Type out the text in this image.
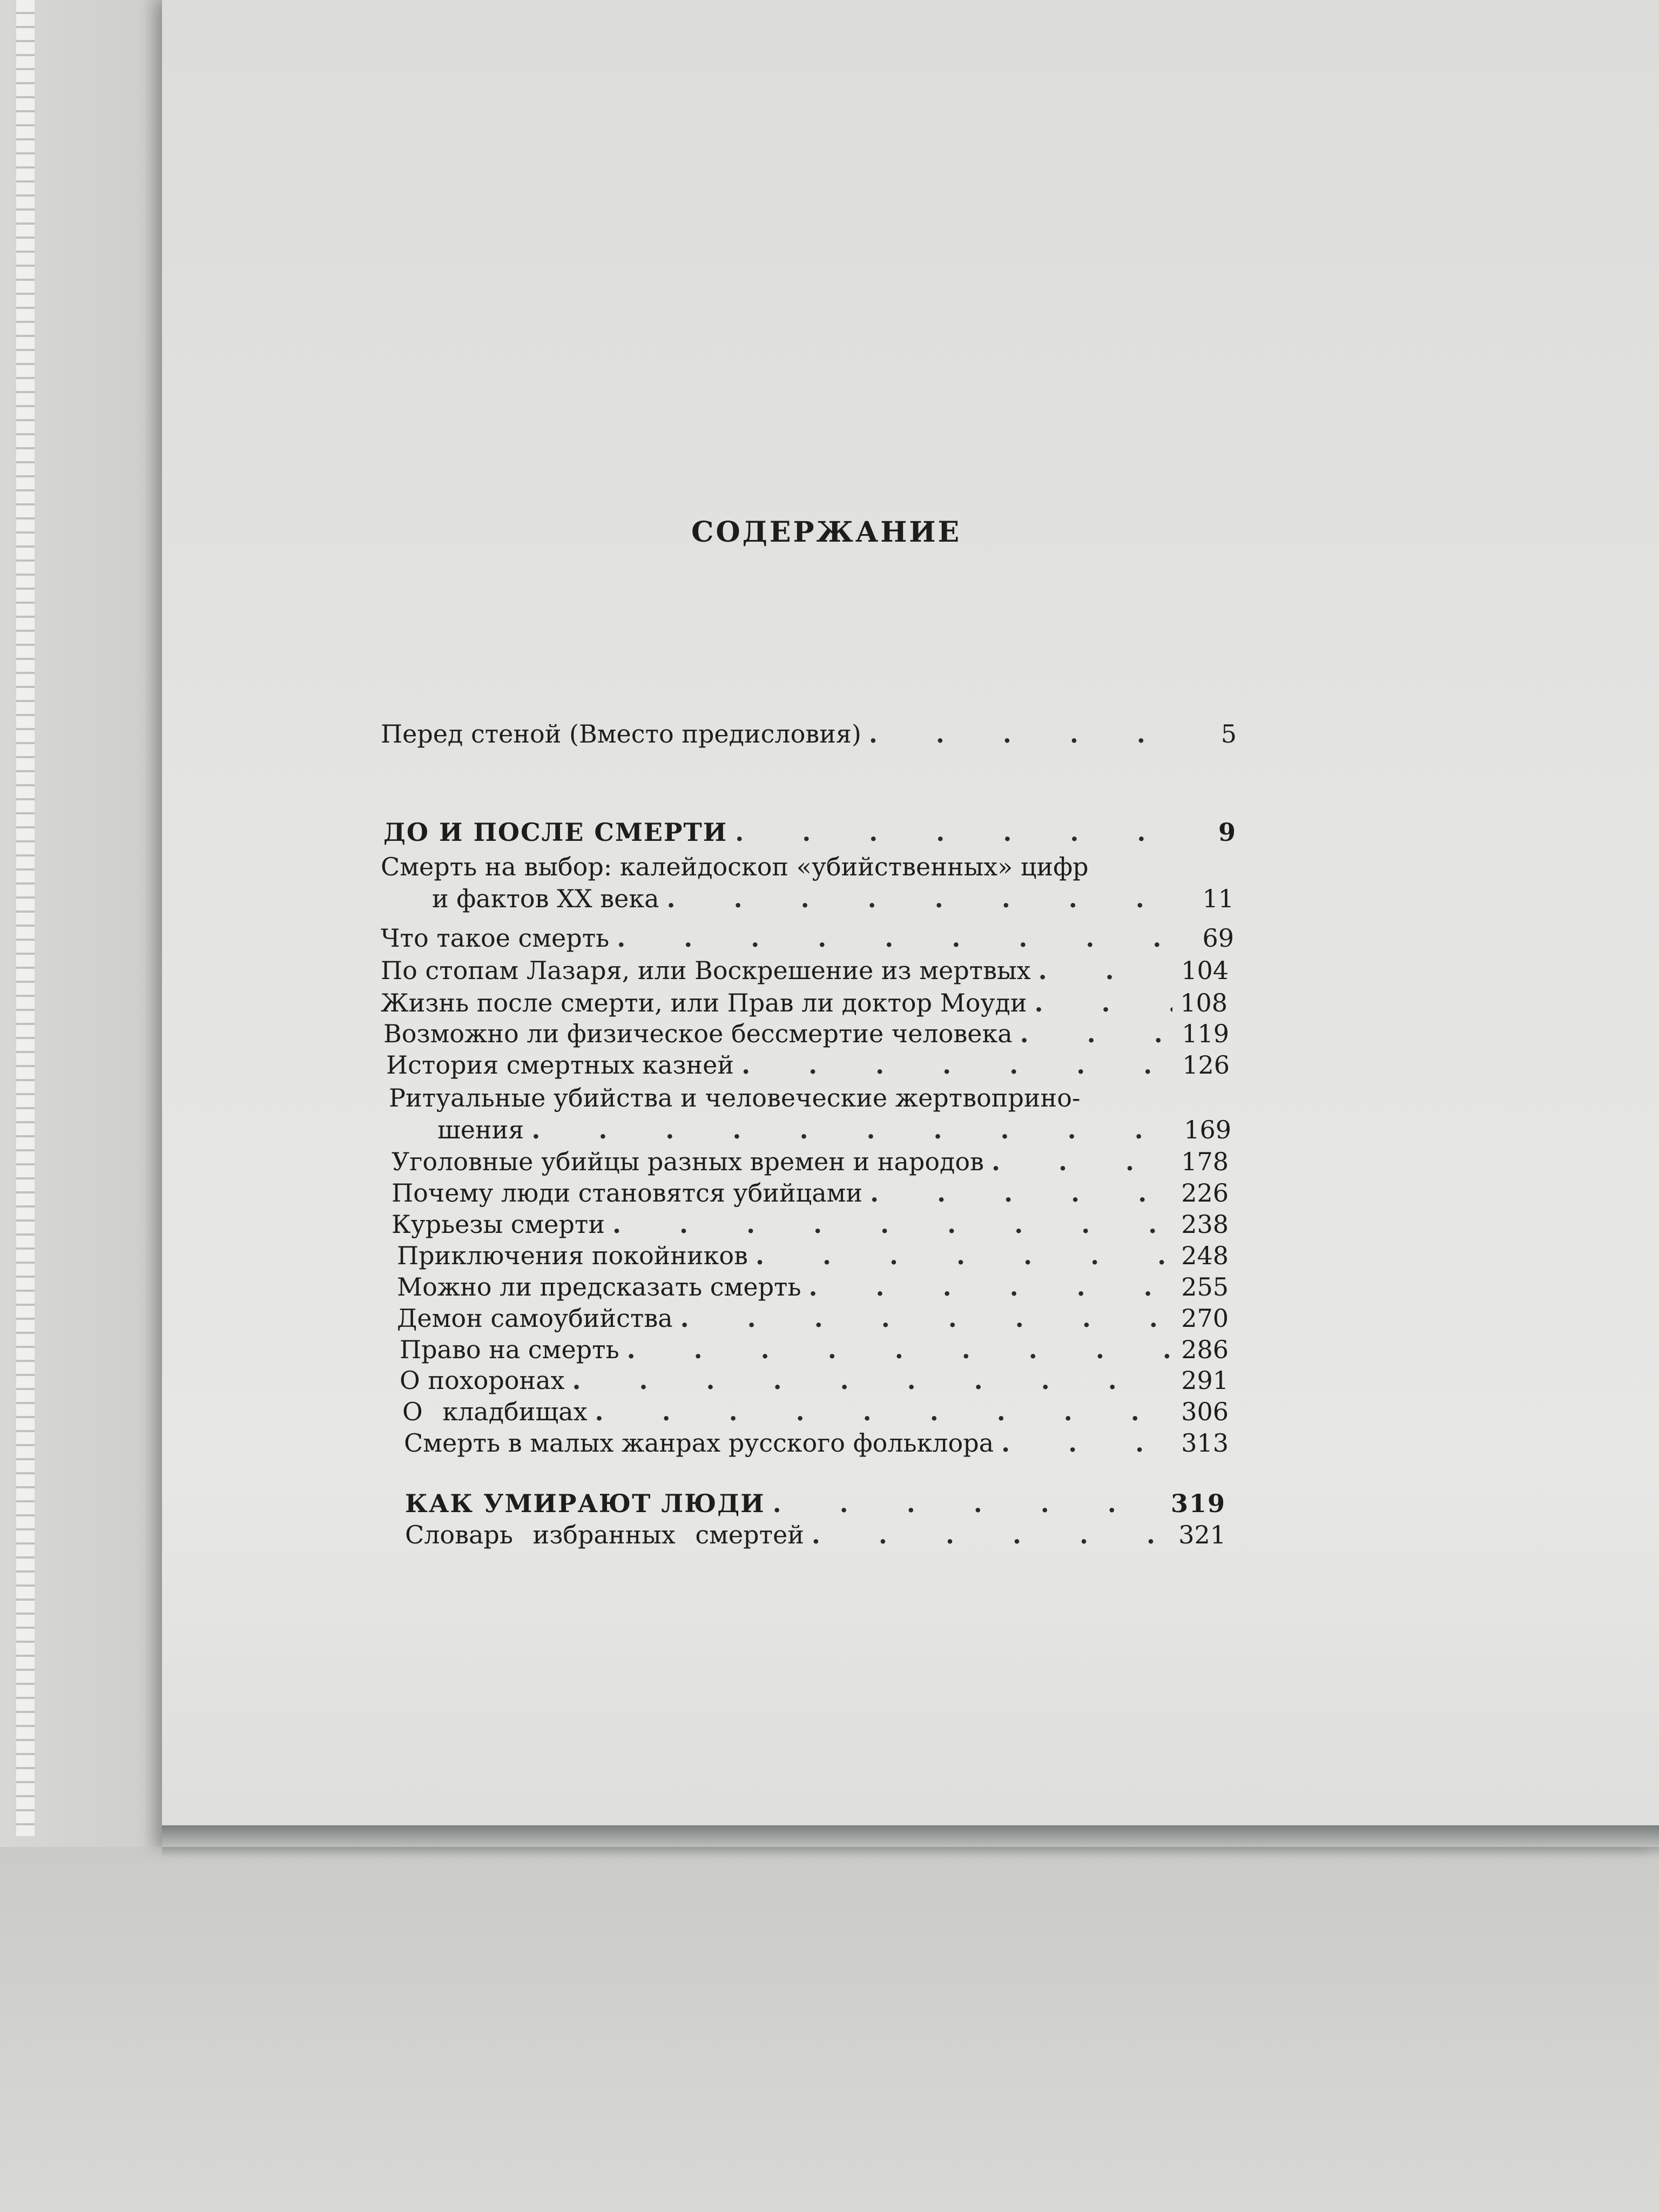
СОДЕРЖАНИЕ
Перед стеной (Вместо предисловия) . . .	5
ДО И ПОСЛЕ СМЕРТИ . . .	9
Смерть на выбор: калейдоскоп «убийственных» цифр
и фактов XX века . . .	11
Что такое смерть . . .	69
По стопам Лазаря, или Воскрешение из мертвых . . .	104
Жизнь после смерти, или Прав ли доктор Моуди . . .	108
Возможно ли физическое бессмертие человека . . .	119
История смертных казней . . .	126
Ритуальные убийства и человеческие жертвоприно-
шения . . .	169
Уголовные убийцы разных времен и народов . . .	178
Почему люди становятся убийцами . . .	226
Курьезы смерти . . .	238
Приключения покойников . . .	248
Можно ли предсказать смерть . . .	255
Демон самоубийства . . .	270
Право на смерть . . .	286
О похоронах . . .	291
О кладбищах . . .	306
Смерть в малых жанрах русского фольклора . . .	313
КАК УМИРАЮТ ЛЮДИ . . .	319
Словарь избранных смертей . . .	321
